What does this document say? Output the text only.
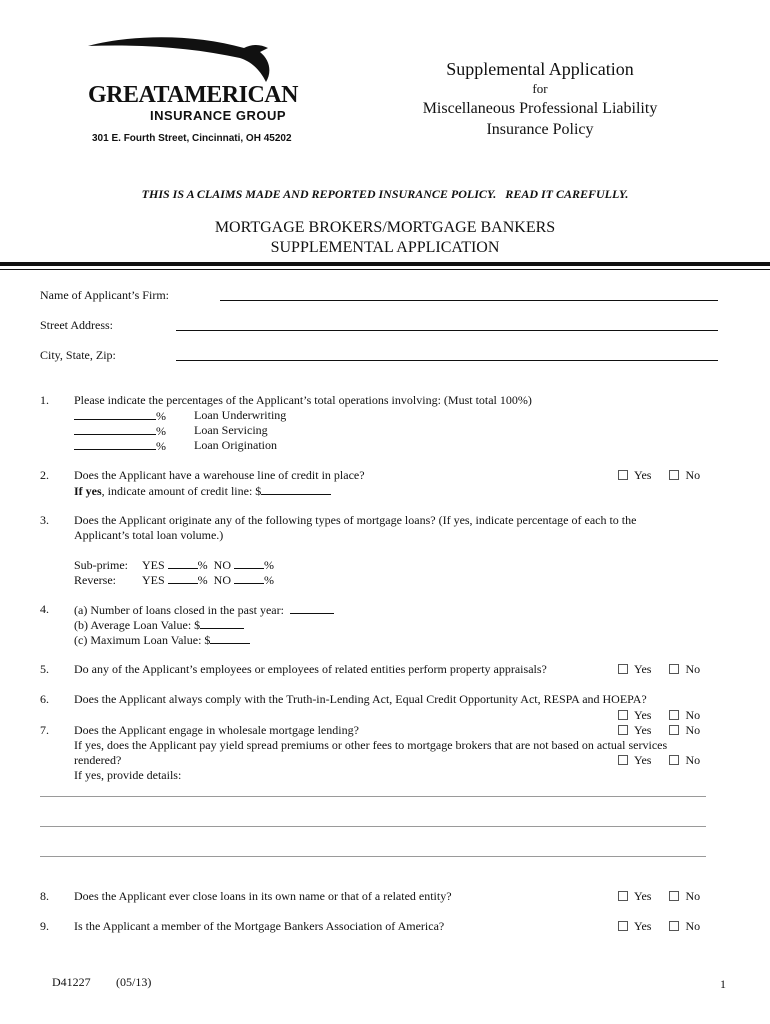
GREATAMERICAN
INSURANCE GROUP
301 E. Fourth Street, Cincinnati, OH 45202
Supplemental Application
for
Miscellaneous Professional Liability
Insurance Policy
THIS IS A CLAIMS MADE AND REPORTED INSURANCE POLICY.   READ IT CAREFULLY.
MORTGAGE BROKERS/MORTGAGE BANKERS
SUPPLEMENTAL APPLICATION
Name of Applicant’s Firm:
Street Address:
City, State, Zip:
1. Please indicate the percentages of the Applicant’s total operations involving: (Must total 100%)
% Loan Underwriting
% Loan Servicing
% Loan Origination
2. Does the Applicant have a warehouse line of credit in place?	Yes	No
If yes, indicate amount of credit line: $
3. Does the Applicant originate any of the following types of mortgage loans? (If yes, indicate percentage of each to the
Applicant’s total loan volume.)
Sub-prime: YES	%  NO	%
Reverse: YES	%  NO	%
4. (a) Number of loans closed in the past year:
(b) Average Loan Value: $
(c) Maximum Loan Value: $
5. Do any of the Applicant’s employees or employees of related entities perform property appraisals?	Yes	No
6. Does the Applicant always comply with the Truth-in-Lending Act, Equal Credit Opportunity Act, RESPA and HOEPA?
Yes	No
7. Does the Applicant engage in wholesale mortgage lending?	Yes	No
If yes, does the Applicant pay yield spread premiums or other fees to mortgage brokers that are not based on actual services
rendered?	Yes	No
If yes, provide details:
8. Does the Applicant ever close loans in its own name or that of a related entity?	Yes	No
9. Is the Applicant a member of the Mortgage Bankers Association of America?	Yes	No
D41227 (05/13)	1
